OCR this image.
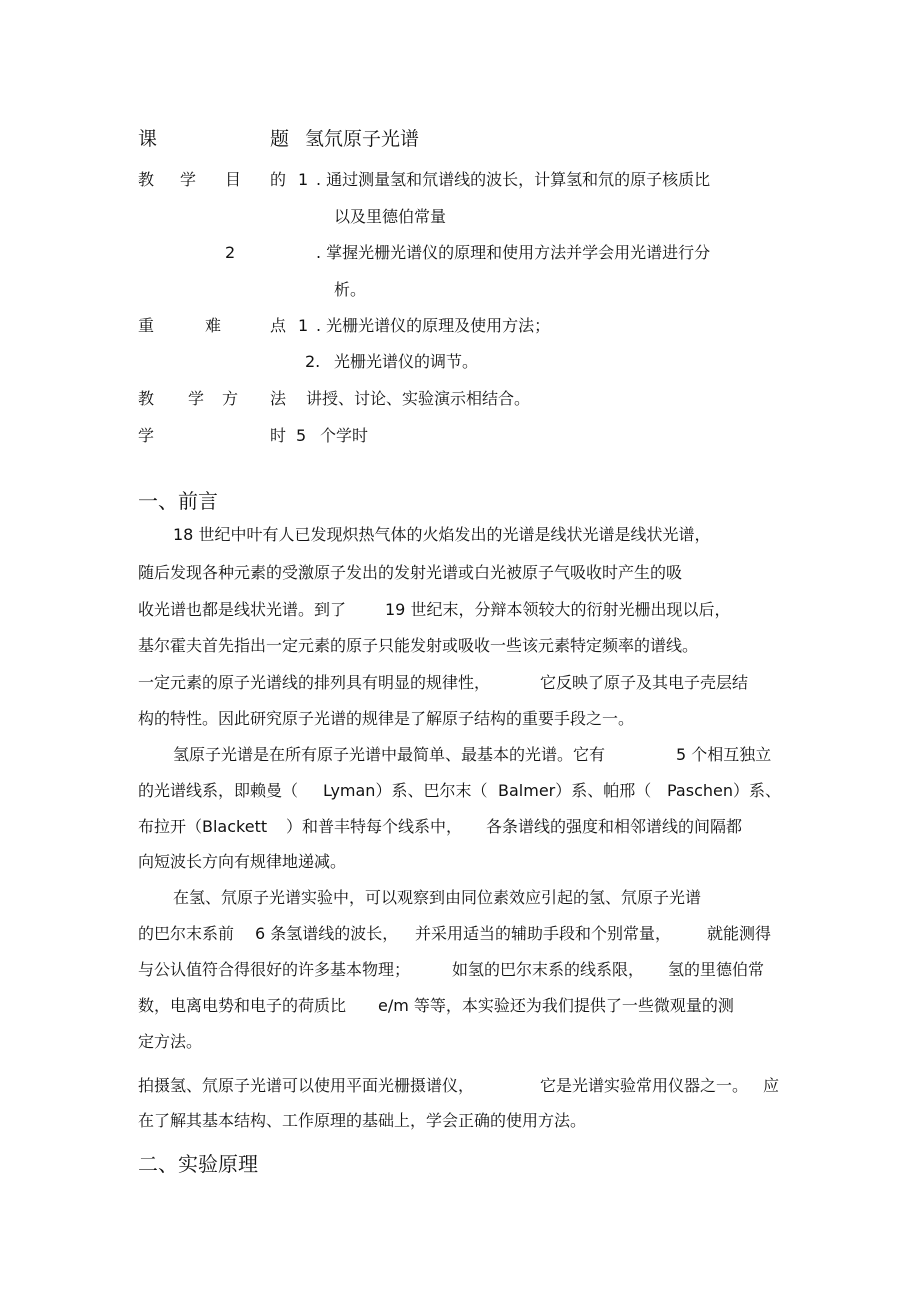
课	题 氢氘原子光谱
教 学 目 的 1 . 通过测量氢和氘谱线的波长，计算氢和氘的原子核质比
以及里德伯常量
2	. 掌握光栅光谱仪的原理和使用方法并学会用光谱进行分
析。
重	难	点 1 . 光栅光谱仪的原理及使用方法；
2. 光栅光谱仪的调节。
教 学 方 法 讲授、讨论、实验演示相结合。
学	时 5 个学时
一、前言
18 世纪中叶有人已发现炽热气体的火焰发出的光谱是线状光谱是线状光谱，
随后发现各种元素的受激原子发出的发射光谱或白光被原子气吸收时产生的吸
收光谱也都是线状光谱。到了 19 世纪末，分辩本领较大的衍射光栅出现以后，
基尔霍夫首先指出一定元素的原子只能发射或吸收一些该元素特定频率的谱线。
一定元素的原子光谱线的排列具有明显的规律性，	它反映了原子及其电子壳层结
构的特性。因此研究原子光谱的规律是了解原子结构的重要手段之一。
氢原子光谱是在所有原子光谱中最简单、最基本的光谱。它有	5 个相互独立
的光谱线系，即赖曼（ Lyman）系、巴尔末（ Balmer）系、帕邢（ Paschen）系、
布拉开（Blackett ）和普丰特每个线系中， 各条谱线的强度和相邻谱线的间隔都
向短波长方向有规律地递减。
在氢、氘原子光谱实验中，可以观察到由同位素效应引起的氢、氘原子光谱
的巴尔末系前 6 条氢谱线的波长， 并采用适当的辅助手段和个别常量， 就能测得
与公认值符合得很好的许多基本物理；	如氢的巴尔末系的线系限， 氢的里德伯常
数，电离电势和电子的荷质比 e/m 等等，本实验还为我们提供了一些微观量的测
定方法。
拍摄氢、氘原子光谱可以使用平面光栅摄谱仪，	它是光谱实验常用仪器之一。 应
在了解其基本结构、工作原理的基础上，学会正确的使用方法。
二、实验原理
